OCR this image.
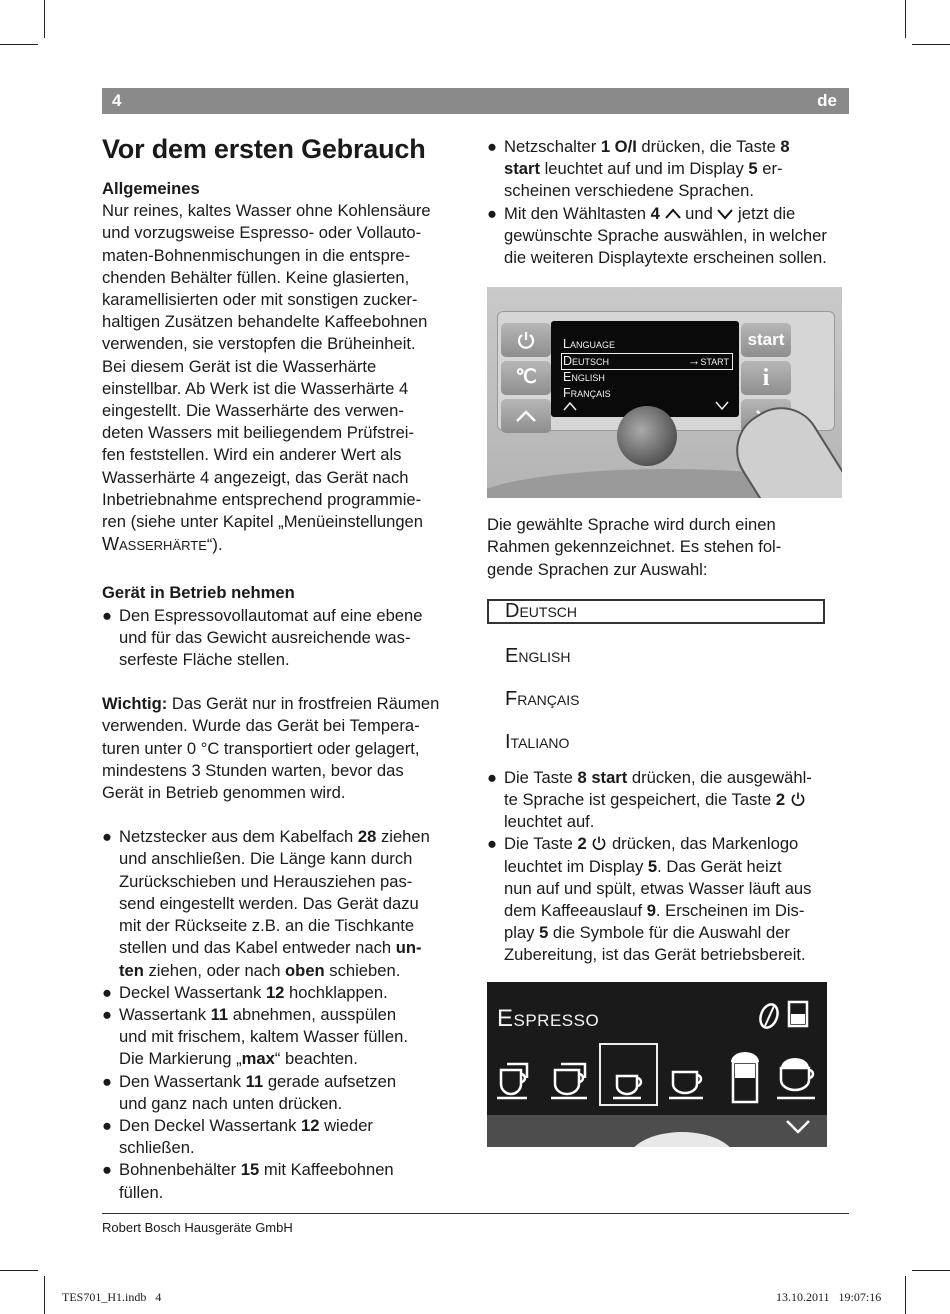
4	de
Vor dem ersten Gebrauch
Allgemeines

Nur reines, kaltes Wasser ohne Kohlensäure
und vorzugsweise Espresso- oder Vollauto-
maten-Bohnenmischungen in die entspre-
chenden Behälter füllen. Keine glasierten,
karamellisierten oder mit sonstigen zucker-
haltigen Zusätzen behandelte Kaffeebohnen
verwenden, sie verstopfen die Brüheinheit.
Bei diesem Gerät ist die Wasserhärte
einstellbar. Ab Werk ist die Wasserhärte 4
eingestellt. Die Wasserhärte des verwen-
deten Wassers mit beiliegendem Prüfstrei-
fen feststellen. Wird ein anderer Wert als
Wasserhärte 4 angezeigt, das Gerät nach
Inbetriebnahme entsprechend programmie-
ren (siehe unter Kapitel „Menüeinstellungen
Wasserhärte“).

Gerät in Betrieb nehmen
● Den Espressovollautomat auf eine ebene
und für das Gewicht ausreichende was-
serfeste Fläche stellen.

Wichtig: Das Gerät nur in frostfreien Räumen
verwenden. Wurde das Gerät bei Tempera-
turen unter 0 °C transportiert oder gelagert,
mindestens 3 Stunden warten, bevor das
Gerät in Betrieb genommen wird.

● Netzstecker aus dem Kabelfach 28 ziehen
und anschließen. Die Länge kann durch
Zurückschieben und Herausziehen pas-
send eingestellt werden. Das Gerät dazu
mit der Rückseite z.B. an die Tischkante
stellen und das Kabel entweder nach un-
ten ziehen, oder nach oben schieben.
● Deckel Wassertank 12 hochklappen.
● Wassertank 11 abnehmen, ausspülen
und mit frischem, kaltem Wasser füllen.
Die Markierung „max“ beachten.
● Den Wassertank 11 gerade aufsetzen
und ganz nach unten drücken.
● Den Deckel Wassertank 12 wieder
schließen.
● Bohnenbehälter 15 mit Kaffeebohnen
füllen.
● Netzschalter 1 O/I drücken, die Taste 8
start leuchtet auf und im Display 5 er-
scheinen verschiedene Sprachen.
● Mit den Wähltasten 4  und  jetzt die
gewünschte Sprache auswählen, in welcher
die weiteren Displaytexte erscheinen sollen.
℃
start
i
Language
Deutsch	→start
English
Français

Die gewählte Sprache wird durch einen
Rahmen gekennzeichnet. Es stehen fol-
gende Sprachen zur Auswahl:

Deutsch
English
Français
Italiano
● Die Taste 8 start drücken, die ausgewähl-
te Sprache ist gespeichert, die Taste 2
leuchtet auf.
● Die Taste 2  drücken, das Markenlogo
leuchtet im Display 5. Das Gerät heizt
nun auf und spült, etwas Wasser läuft aus
dem Kaffeeauslauf 9. Erscheinen im Dis-
play 5 die Symbole für die Auswahl der
Zubereitung, ist das Gerät betriebsbereit.
Espresso
Robert Bosch Hausgeräte GmbH
TES701_H1.indb   4	13.10.2011   19:07:16
